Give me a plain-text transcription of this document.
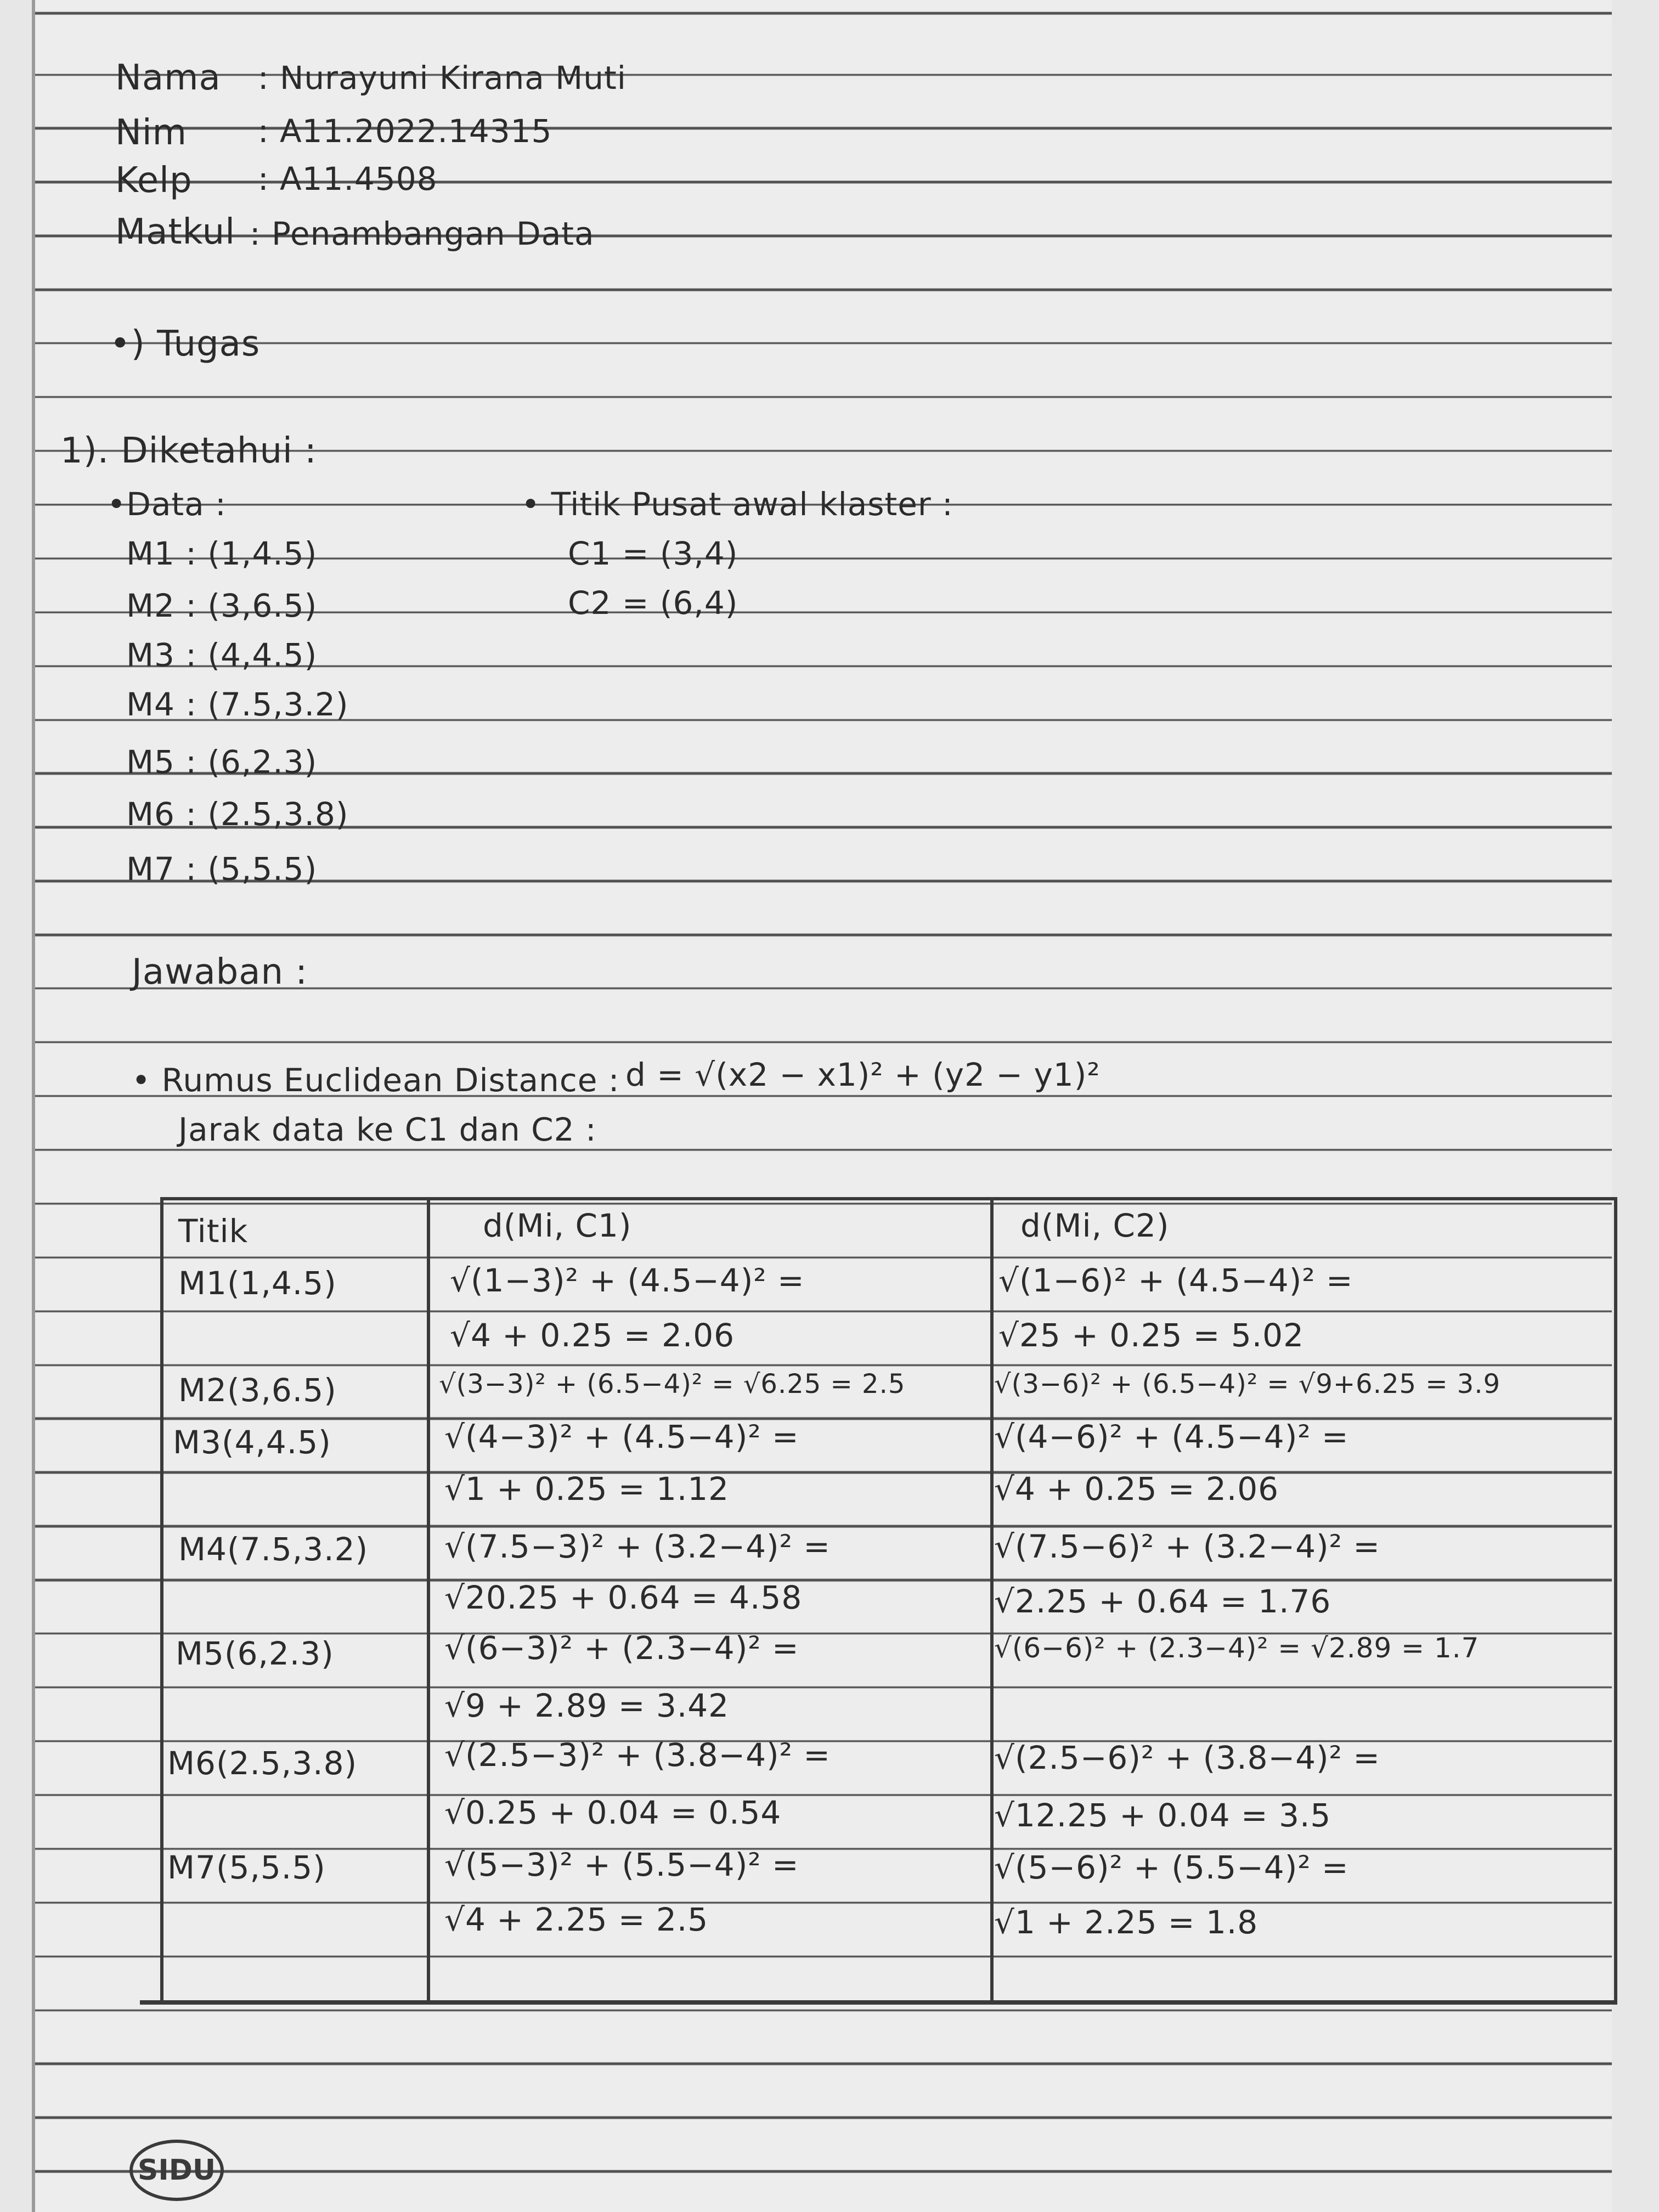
Nama : Nurayuni Kirana Muti
Nim : A11.2022.14315
Kelp : A11.4508
Matkul : Penambangan Data
•) Tugas
1). Diketahui :
•Data :	• Titik Pusat awal klaster :
M1 : (1,4.5)
M2 : (3,6.5)
M3 : (4,4.5)
M4 : (7.5,3.2)
M5 : (6,2.3)
M6 : (2.5,3.8)
M7 : (5,5.5)
C1 = (3,4)
C2 = (6,4)
Jawaban :
• Rumus Euclidean Distance : d = √(x2 − x1)² + (y2 − y1)²
Jarak data ke C1 dan C2 :
Titik	d(Mi, C1)	d(Mi, C2)
M1(1,4.5)	√(1−3)² + (4.5−4)² =	√(1−6)² + (4.5−4)² =
√4 + 0.25 = 2.06	√25 + 0.25 = 5.02
M2(3,6.5)	√(3−3)² + (6.5−4)² = √6.25 = 2.5	√(3−6)² + (6.5−4)² = √9+6.25 = 3.9
M3(4,4.5)	√(4−3)² + (4.5−4)² =	√(4−6)² + (4.5−4)² =
√1 + 0.25 = 1.12	√4 + 0.25 = 2.06
M4(7.5,3.2) √(7.5−3)² + (3.2−4)² =	√(7.5−6)² + (3.2−4)² =
√20.25 + 0.64 = 4.58	√2.25 + 0.64 = 1.76
M5(6,2.3)	√(6−3)² + (2.3−4)² =	√(6−6)² + (2.3−4)² = √2.89 = 1.7
√9 + 2.89 = 3.42
M6(2.5,3.8)	√(2.5−3)² + (3.8−4)² =	√(2.5−6)² + (3.8−4)² =
√0.25 + 0.04 = 0.54	√12.25 + 0.04 = 3.5
M7(5,5.5)	√(5−3)² + (5.5−4)² =	√(5−6)² + (5.5−4)² =
√4 + 2.25 = 2.5	√1 + 2.25 = 1.8
SIDU
